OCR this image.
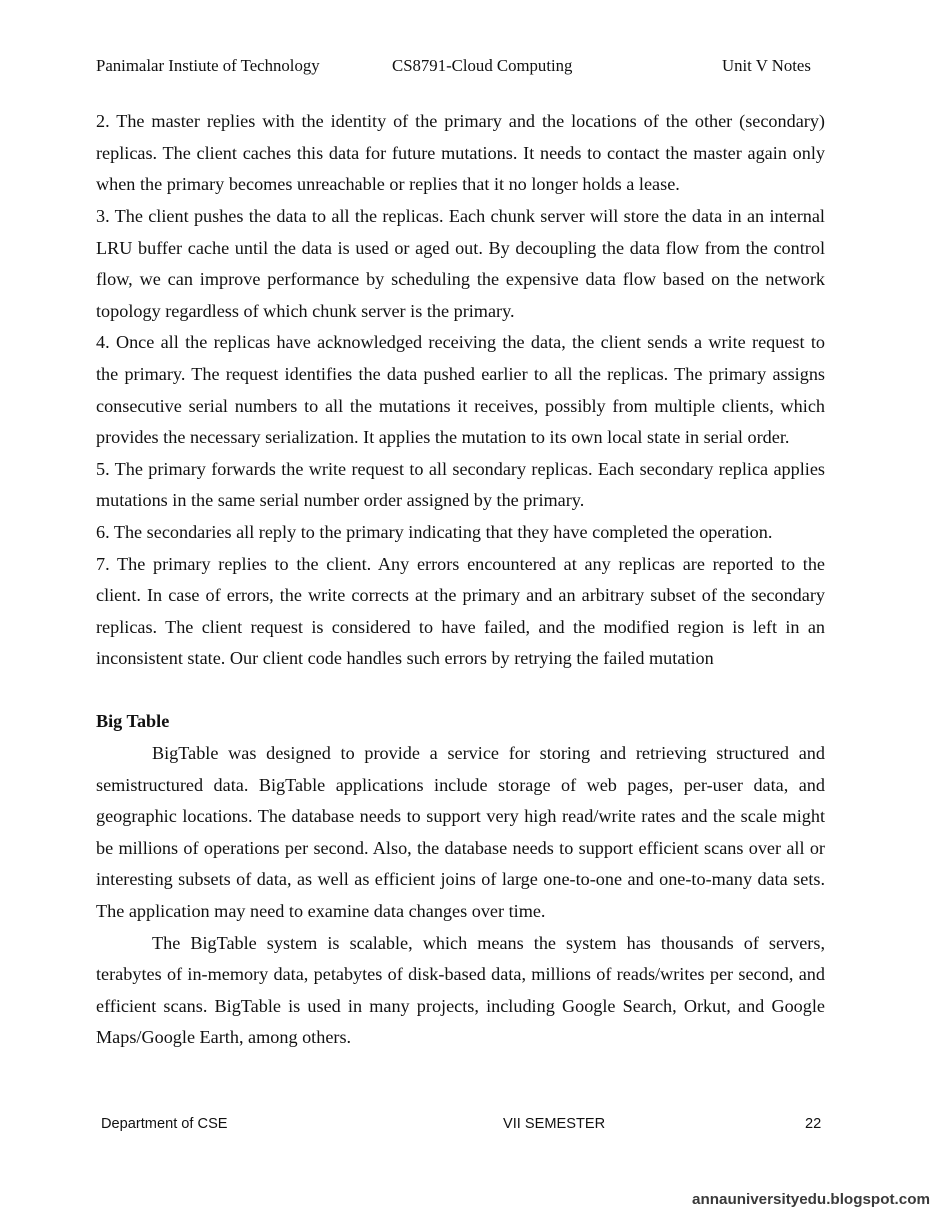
Panimalar Instiute of Technology	CS8791-Cloud Computing	Unit V Notes
2. The master replies with the identity of the primary and the locations of the other (secondary)
replicas. The client caches this data for future mutations. It needs to contact the master again only
when the primary becomes unreachable or replies that it no longer holds a lease.
3. The client pushes the data to all the replicas. Each chunk server will store the data in an internal
LRU buffer cache until the data is used or aged out. By decoupling the data flow from the control
flow, we can improve performance by scheduling the expensive data flow based on the network
topology regardless of which chunk server is the primary.
4. Once all the replicas have acknowledged receiving the data, the client sends a write request to
the primary. The request identifies the data pushed earlier to all the replicas. The primary assigns
consecutive serial numbers to all the mutations it receives, possibly from multiple clients, which
provides the necessary serialization. It applies the mutation to its own local state in serial order.
5. The primary forwards the write request to all secondary replicas. Each secondary replica applies
mutations in the same serial number order assigned by the primary.
6. The secondaries all reply to the primary indicating that they have completed the operation.
7. The primary replies to the client. Any errors encountered at any replicas are reported to the
client. In case of errors, the write corrects at the primary and an arbitrary subset of the secondary
replicas. The client request is considered to have failed, and the modified region is left in an
inconsistent state. Our client code handles such errors by retrying the failed mutation
Big Table
BigTable was designed to provide a service for storing and retrieving structured and
semistructured data. BigTable applications include storage of web pages, per-user data, and
geographic locations. The database needs to support very high read/write rates and the scale might
be millions of operations per second. Also, the database needs to support efficient scans over all or
interesting subsets of data, as well as efficient joins of large one-to-one and one-to-many data sets.
The application may need to examine data changes over time.
The BigTable system is scalable, which means the system has thousands of servers,
terabytes of in-memory data, petabytes of disk-based data, millions of reads/writes per second, and
efficient scans. BigTable is used in many projects, including Google Search, Orkut, and Google
Maps/Google Earth, among others.
Department of CSE	VII SEMESTER	22
annauniversityedu.blogspot.com
